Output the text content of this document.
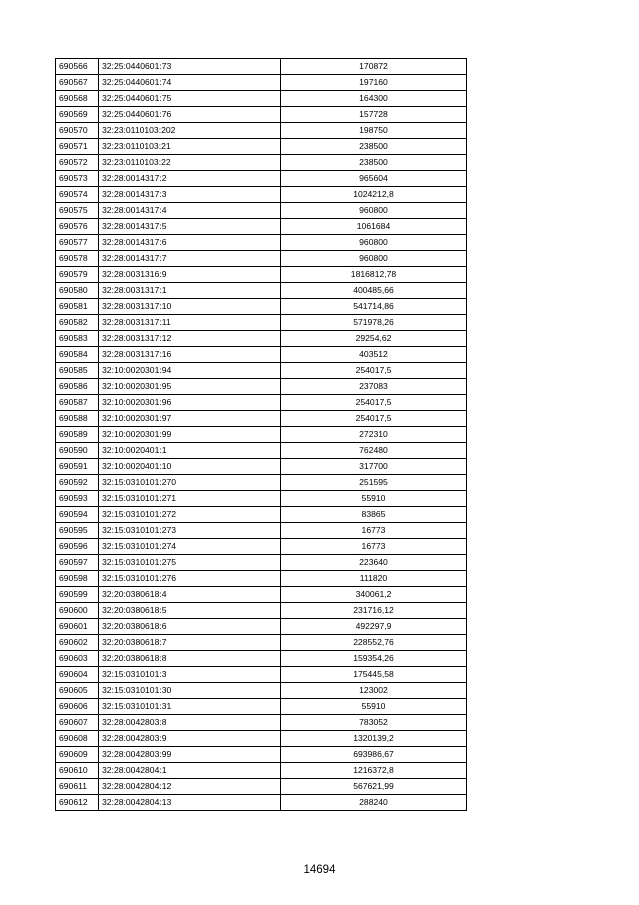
690566	32:25:0440601:73	170872
690567	32:25:0440601:74	197160
690568	32:25:0440601:75	164300
690569	32:25:0440601:76	157728
690570	32:23:0110103:202	198750
690571	32:23:0110103:21	238500
690572	32:23:0110103:22	238500
690573	32:28:0014317:2	965604
690574	32:28:0014317:3	1024212,8
690575	32:28:0014317:4	960800
690576	32:28:0014317:5	1061684
690577	32:28:0014317:6	960800
690578	32:28:0014317:7	960800
690579	32:28:0031316:9	1816812,78
690580	32:28:0031317:1	400485,66
690581	32:28:0031317:10	541714,86
690582	32:28:0031317:11	571978,26
690583	32:28:0031317:12	29254,62
690584	32:28:0031317:16	403512
690585	32:10:0020301:94	254017,5
690586	32:10:0020301:95	237083
690587	32:10:0020301:96	254017,5
690588	32:10:0020301:97	254017,5
690589	32:10:0020301:99	272310
690590	32:10:0020401:1	762480
690591	32:10:0020401:10	317700
690592	32:15:0310101:270	251595
690593	32:15:0310101:271	55910
690594	32:15:0310101:272	83865
690595	32:15:0310101:273	16773
690596	32:15:0310101:274	16773
690597	32:15:0310101:275	223640
690598	32:15:0310101:276	111820
690599	32:20:0380618:4	340061,2
690600	32:20:0380618:5	231716,12
690601	32:20:0380618:6	492297,9
690602	32:20:0380618:7	228552,76
690603	32:20:0380618:8	159354,26
690604	32:15:0310101:3	175445,58
690605	32:15:0310101:30	123002
690606	32:15:0310101:31	55910
690607	32:28:0042803:8	783052
690608	32:28:0042803:9	1320139,2
690609	32:28:0042803:99	693986,67
690610	32:28:0042804:1	1216372,8
690611	32:28:0042804:12	567621,99
690612	32:28:0042804:13	288240
14694
